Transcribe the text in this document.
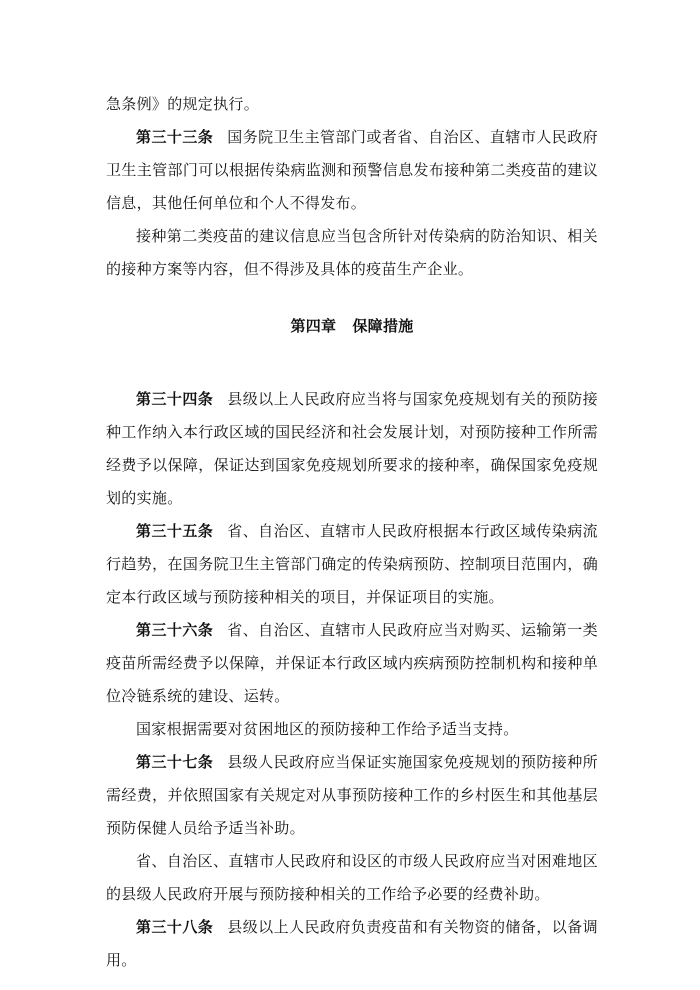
急条例》的规定执行。

第三十三条 国务院卫生主管部门或者省、自治区、直辖市人民政府卫生主管部门可以根据传染病监测和预警信息发布接种第二类疫苗的建议信息，其他任何单位和个人不得发布。

接种第二类疫苗的建议信息应当包含所针对传染病的防治知识、相关的接种方案等内容，但不得涉及具体的疫苗生产企业。

第四章 保障措施

第三十四条 县级以上人民政府应当将与国家免疫规划有关的预防接种工作纳入本行政区域的国民经济和社会发展计划，对预防接种工作所需经费予以保障，保证达到国家免疫规划所要求的接种率，确保国家免疫规划的实施。

第三十五条 省、自治区、直辖市人民政府根据本行政区域传染病流行趋势，在国务院卫生主管部门确定的传染病预防、控制项目范围内，确定本行政区域与预防接种相关的项目，并保证项目的实施。

第三十六条 省、自治区、直辖市人民政府应当对购买、运输第一类疫苗所需经费予以保障，并保证本行政区域内疾病预防控制机构和接种单位冷链系统的建设、运转。

国家根据需要对贫困地区的预防接种工作给予适当支持。

第三十七条 县级人民政府应当保证实施国家免疫规划的预防接种所需经费，并依照国家有关规定对从事预防接种工作的乡村医生和其他基层预防保健人员给予适当补助。

省、自治区、直辖市人民政府和设区的市级人民政府应当对困难地区的县级人民政府开展与预防接种相关的工作给予必要的经费补助。

第三十八条 县级以上人民政府负责疫苗和有关物资的储备，以备调用。
